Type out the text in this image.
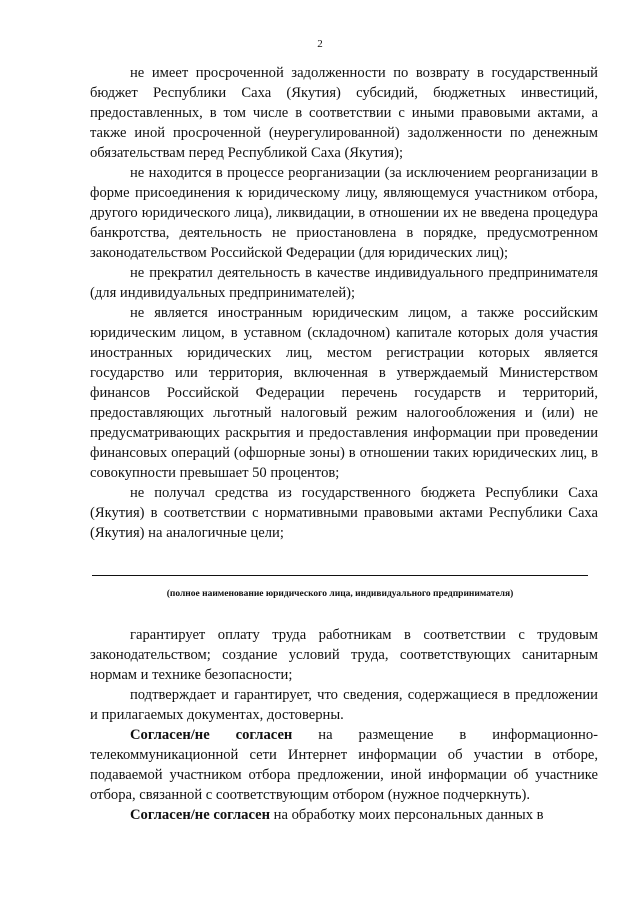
2

не имеет просроченной задолженности по возврату в государственный бюджет Республики Саха (Якутия) субсидий, бюджетных инвестиций, предоставленных, в том числе в соответствии с иными правовыми актами, а также иной просроченной (неурегулированной) задолженности по денежным обязательствам перед Республикой Саха (Якутия);

не находится в процессе реорганизации (за исключением реорганизации в форме присоединения к юридическому лицу, являющемуся участником отбора, другого юридического лица), ликвидации, в отношении их не введена процедура банкротства, деятельность не приостановлена в порядке, предусмотренном законодательством Российской Федерации (для юридических лиц);

не прекратил деятельность в качестве индивидуального предпринимателя (для индивидуальных предпринимателей);

не является иностранным юридическим лицом, а также российским юридическим лицом, в уставном (складочном) капитале которых доля участия иностранных юридических лиц, местом регистрации которых является государство или территория, включенная в утверждаемый Министерством финансов Российской Федерации перечень государств и территорий, предоставляющих льготный налоговый режим налогообложения и (или) не предусматривающих раскрытия и предоставления информации при проведении финансовых операций (офшорные зоны) в отношении таких юридических лиц, в совокупности превышает 50 процентов;

не получал средства из государственного бюджета Республики Саха (Якутия) в соответствии с нормативными правовыми актами Республики Саха (Якутия) на аналогичные цели;

(полное наименование юридического лица, индивидуального предпринимателя)

гарантирует оплату труда работникам в соответствии с трудовым законодательством; создание условий труда, соответствующих санитарным нормам и технике безопасности;

подтверждает и гарантирует, что сведения, содержащиеся в предложении и прилагаемых документах, достоверны.

Согласен/не согласен на размещение в информационно-телекоммуникационной сети Интернет информации об участии в отборе, подаваемой участником отбора предложении, иной информации об участнике отбора, связанной с соответствующим отбором (нужное подчеркнуть).

Согласен/не согласен на обработку моих персональных данных в
